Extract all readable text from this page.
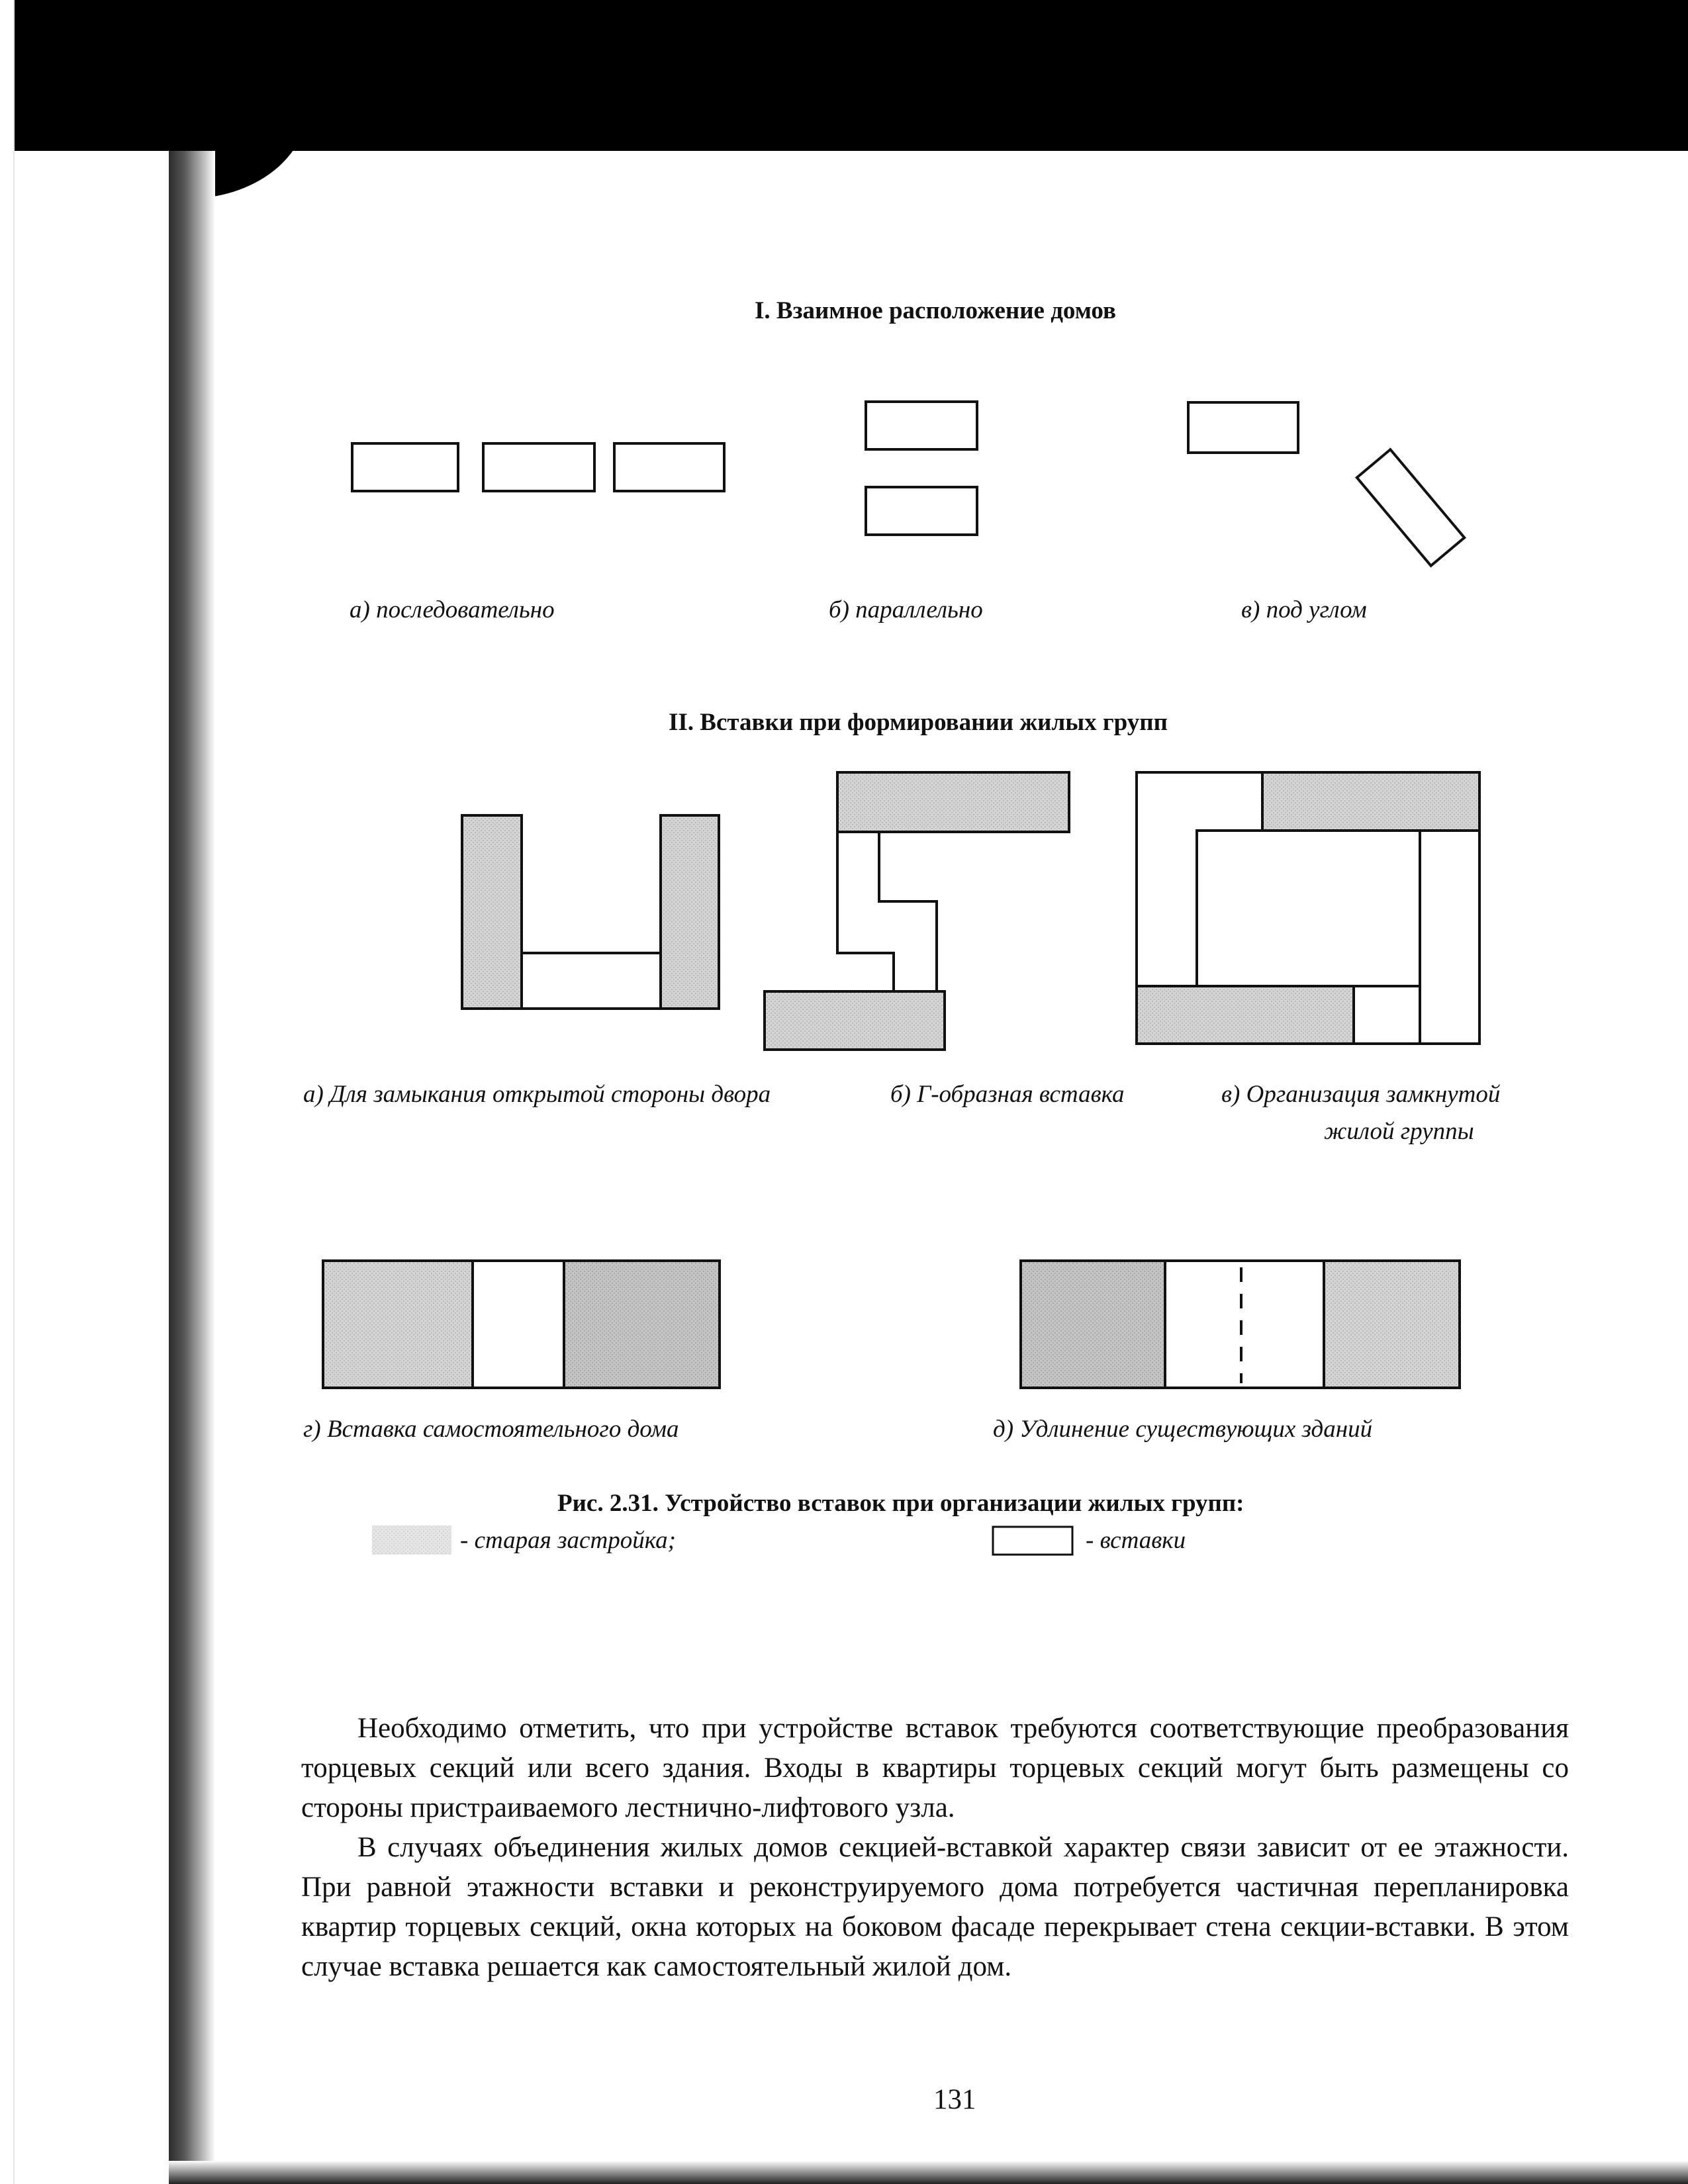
I. Взаимное расположение домов
а) последовательно	б) параллельно	в) под углом
II. Вставки при формировании жилых групп
а) Для замыкания открытой стороны двора	б) Г-образная вставка	в) Организация замкнутой
жилой группы
г) Вставка самостоятельного дома	д) Удлинение существующих зданий
Рис. 2.31. Устройство вставок при организации жилых групп:
- старая застройка;	- вставки

Необходимо отметить, что при устройстве вставок требуются соответствующие преобразования торцевых секций или всего здания. Входы в квартиры торцевых секций могут быть размещены со стороны пристраиваемого лестнично-лифтового узла.

В случаях объединения жилых домов секцией-вставкой характер связи зависит от ее этажности. При равной этажности вставки и реконструируемого дома потребуется частичная перепланировка квартир торцевых секций, окна которых на боковом фасаде перекрывает стена секции-вставки. В этом случае вставка решается как самостоятельный жилой дом.

131
